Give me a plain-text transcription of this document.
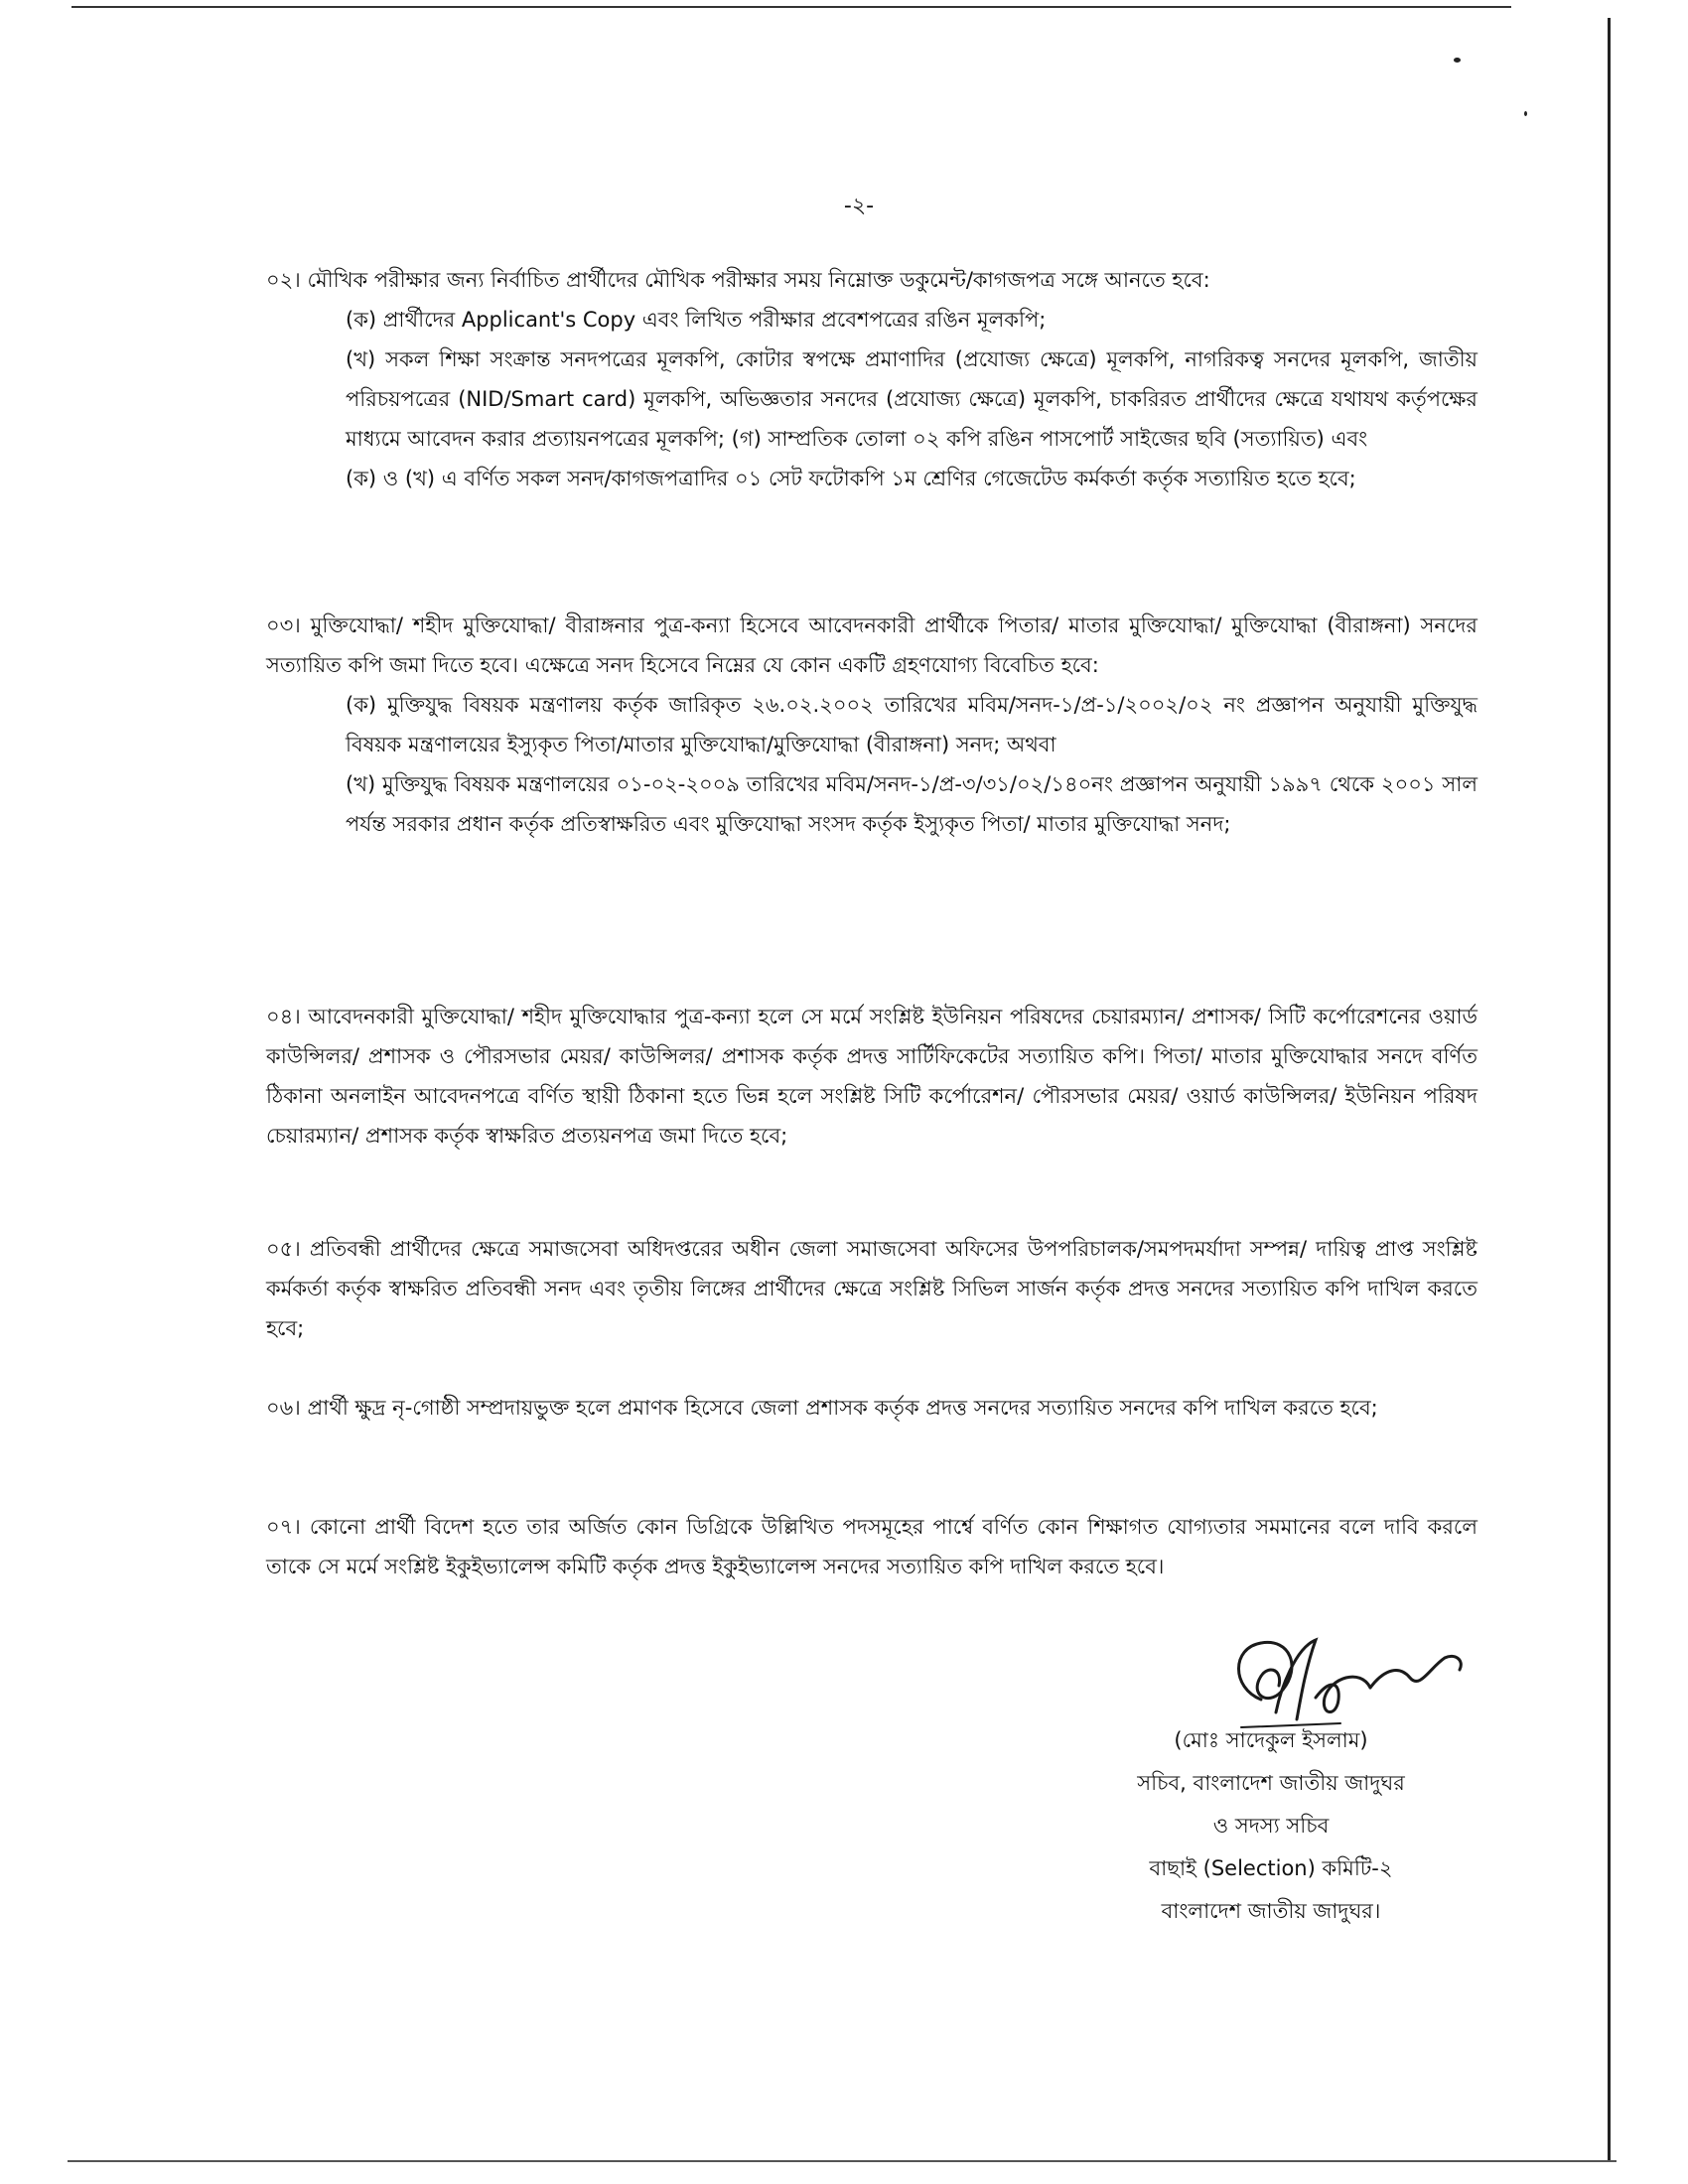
-২-
০২। মৌখিক পরীক্ষার জন্য নির্বাচিত প্রার্থীদের মৌখিক পরীক্ষার সময় নিম্নোক্ত ডকুমেন্ট/কাগজপত্র সঙ্গে আনতে হবে:
(ক) প্রার্থীদের Applicant's Copy এবং লিখিত পরীক্ষার প্রবেশপত্রের রঙিন মূলকপি;
(খ) সকল শিক্ষা সংক্রান্ত সনদপত্রের মূলকপি, কোটার স্বপক্ষে প্রমাণাদির (প্রযোজ্য ক্ষেত্রে) মূলকপি, নাগরিকত্ব সনদের মূলকপি, জাতীয় পরিচয়পত্রের (NID/Smart card) মূলকপি, অভিজ্ঞতার সনদের (প্রযোজ্য ক্ষেত্রে) মূলকপি, চাকরিরত প্রার্থীদের ক্ষেত্রে যথাযথ কর্তৃপক্ষের মাধ্যমে আবেদন করার প্রত্যায়নপত্রের মূলকপি; (গ) সাম্প্রতিক তোলা ০২ কপি রঙিন পাসপোর্ট সাইজের ছবি (সত্যায়িত) এবং
(ক) ও (খ) এ বর্ণিত সকল সনদ/কাগজপত্রাদির ০১ সেট ফটোকপি ১ম শ্রেণির গেজেটেড কর্মকর্তা কর্তৃক সত্যায়িত হতে হবে;
০৩। মুক্তিযোদ্ধা/ শহীদ মুক্তিযোদ্ধা/ বীরাঙ্গনার পুত্র-কন্যা হিসেবে আবেদনকারী প্রার্থীকে পিতার/ মাতার মুক্তিযোদ্ধা/ মুক্তিযোদ্ধা (বীরাঙ্গনা) সনদের সত্যায়িত কপি জমা দিতে হবে। এক্ষেত্রে সনদ হিসেবে নিম্নের যে কোন একটি গ্রহণযোগ্য বিবেচিত হবে:
(ক) মুক্তিযুদ্ধ বিষয়ক মন্ত্রণালয় কর্তৃক জারিকৃত ২৬.০২.২০০২ তারিখের মবিম/সনদ-১/প্র-১/২০০২/০২ নং প্রজ্ঞাপন অনুযায়ী মুক্তিযুদ্ধ বিষয়ক মন্ত্রণালয়ের ইস্যুকৃত পিতা/মাতার মুক্তিযোদ্ধা/মুক্তিযোদ্ধা (বীরাঙ্গনা) সনদ; অথবা
(খ) মুক্তিযুদ্ধ বিষয়ক মন্ত্রণালয়ের ০১-০২-২০০৯ তারিখের মবিম/সনদ-১/প্র-৩/৩১/০২/১৪০নং প্রজ্ঞাপন অনুযায়ী ১৯৯৭ থেকে ২০০১ সাল পর্যন্ত সরকার প্রধান কর্তৃক প্রতিস্বাক্ষরিত এবং মুক্তিযোদ্ধা সংসদ কর্তৃক ইস্যুকৃত পিতা/ মাতার মুক্তিযোদ্ধা সনদ;
০৪। আবেদনকারী মুক্তিযোদ্ধা/ শহীদ মুক্তিযোদ্ধার পুত্র-কন্যা হলে সে মর্মে সংশ্লিষ্ট ইউনিয়ন পরিষদের চেয়ারম্যান/ প্রশাসক/ সিটি কর্পোরেশনের ওয়ার্ড কাউন্সিলর/ প্রশাসক ও পৌরসভার মেয়র/ কাউন্সিলর/ প্রশাসক কর্তৃক প্রদত্ত সার্টিফিকেটের সত্যায়িত কপি। পিতা/ মাতার মুক্তিযোদ্ধার সনদে বর্ণিত ঠিকানা অনলাইন আবেদনপত্রে বর্ণিত স্থায়ী ঠিকানা হতে ভিন্ন হলে সংশ্লিষ্ট সিটি কর্পোরেশন/ পৌরসভার মেয়র/ ওয়ার্ড কাউন্সিলর/ ইউনিয়ন পরিষদ চেয়ারম্যান/ প্রশাসক কর্তৃক স্বাক্ষরিত প্রত্যয়নপত্র জমা দিতে হবে;
০৫। প্রতিবন্ধী প্রার্থীদের ক্ষেত্রে সমাজসেবা অধিদপ্তরের অধীন জেলা সমাজসেবা অফিসের উপপরিচালক/সমপদমর্যাদা সম্পন্ন/ দায়িত্ব প্রাপ্ত সংশ্লিষ্ট কর্মকর্তা কর্তৃক স্বাক্ষরিত প্রতিবন্ধী সনদ এবং তৃতীয় লিঙ্গের প্রার্থীদের ক্ষেত্রে সংশ্লিষ্ট সিভিল সার্জন কর্তৃক প্রদত্ত সনদের সত্যায়িত কপি দাখিল করতে হবে;
০৬। প্রার্থী ক্ষুদ্র নৃ-গোষ্ঠী সম্প্রদায়ভুক্ত হলে প্রমাণক হিসেবে জেলা প্রশাসক কর্তৃক প্রদত্ত সনদের সত্যায়িত সনদের কপি দাখিল করতে হবে;
০৭। কোনো প্রার্থী বিদেশ হতে তার অর্জিত কোন ডিগ্রিকে উল্লিখিত পদসমূহের পার্শ্বে বর্ণিত কোন শিক্ষাগত যোগ্যতার সমমানের বলে দাবি করলে তাকে সে মর্মে সংশ্লিষ্ট ইকুইভ্যালেন্স কমিটি কর্তৃক প্রদত্ত ইকুইভ্যালেন্স সনদের সত্যায়িত কপি দাখিল করতে হবে।
(মোঃ সাদেকুল ইসলাম)
সচিব, বাংলাদেশ জাতীয় জাদুঘর
ও সদস্য সচিব
বাছাই (Selection) কমিটি-২
বাংলাদেশ জাতীয় জাদুঘর।
